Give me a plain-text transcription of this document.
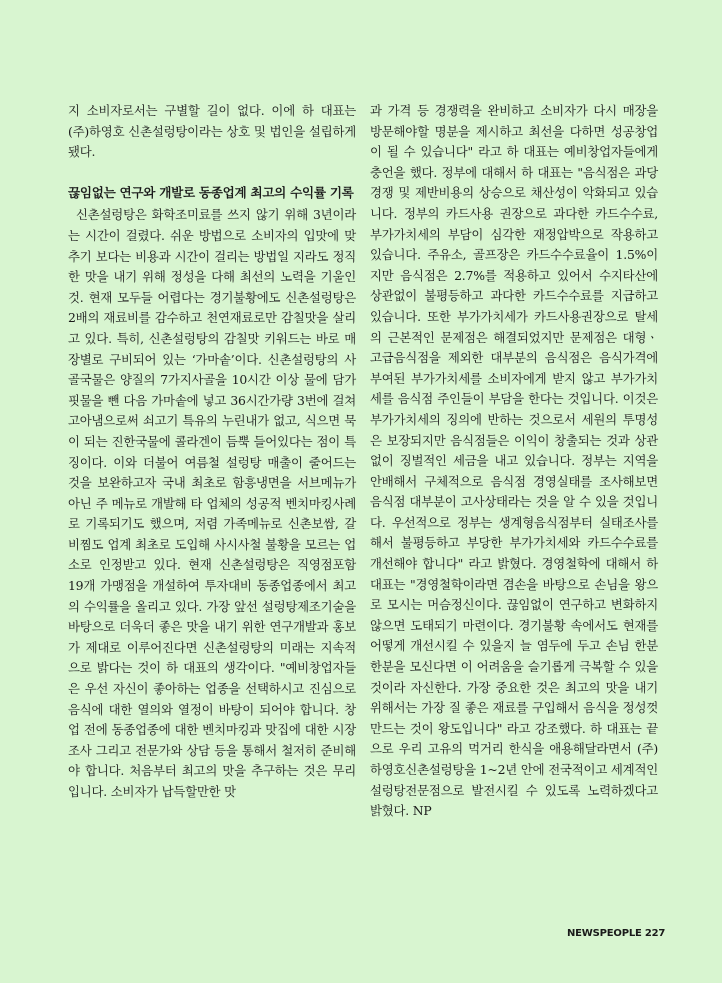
지 소비자로서는 구별할 길이 없다. 이에 하 대표는 (주)하영호 신촌설렁탕이라는 상호 및 법인을 설립하게 됐다.

끊임없는 연구와 개발로 동종업계 최고의 수익률 기록

신촌설렁탕은 화학조미료를 쓰지 않기 위해 3년이라는 시간이 걸렸다. 쉬운 방법으로 소비자의 입맛에 맞추기 보다는 비용과 시간이 걸리는 방법일 지라도 정직한 맛을 내기 위해 정성을 다해 최선의 노력을 기울인 것. 현재 모두들 어렵다는 경기불황에도 신촌설렁탕은 2배의 재료비를 감수하고 천연재료로만 감칠맛을 살리고 있다. 특히, 신촌설렁탕의 감칠맛 키워드는 바로 매장별로 구비되어 있는 ‘가마솥’이다. 신촌설렁탕의 사골국물은 양질의 7가지사골을 10시간 이상 물에 담가 핏물을 뺀 다음 가마솥에 넣고 36시간가량 3번에 걸쳐 고아냄으로써 쇠고기 특유의 누린내가 없고, 식으면 묵이 되는 진한국물에 콜라겐이 듬뿍 들어있다는 점이 특징이다. 이와 더불어 여름철 설렁탕 매출이 줄어드는 것을 보완하고자 국내 최초로 함흥냉면을 서브메뉴가 아닌 주 메뉴로 개발해 타 업체의 성공적 벤치마킹사례로 기록되기도 했으며, 저렴 가족메뉴로 신촌보쌈, 갈비찜도 업계 최초로 도입해 사시사철 불황을 모르는 업소로 인정받고 있다. 현재 신촌설렁탕은 직영점포함 19개 가맹점을 개설하여 투자대비 동종업종에서 최고의 수익률을 올리고 있다. 가장 앞선 설렁탕제조기술을 바탕으로 더욱더 좋은 맛을 내기 위한 연구개발과 홍보가 제대로 이루어진다면 신촌설렁탕의 미래는 지속적으로 밝다는 것이 하 대표의 생각이다. "예비창업자들은 우선 자신이 좋아하는 업종을 선택하시고 진심으로 음식에 대한 열의와 열정이 바탕이 되어야 합니다. 창업 전에 동종업종에 대한 벤치마킹과 맛집에 대한 시장조사 그리고 전문가와 상담 등을 통해서 철저히 준비해야 합니다. 처음부터 최고의 맛을 추구하는 것은 무리입니다. 소비자가 납득할만한 맛

과 가격 등 경쟁력을 완비하고 소비자가 다시 매장을 방문해야할 명분을 제시하고 최선을 다하면 성공창업이 될 수 있습니다" 라고 하 대표는 예비창업자들에게 충언을 했다. 정부에 대해서 하 대표는 "음식점은 과당경쟁 및 제반비용의 상승으로 채산성이 악화되고 있습니다. 정부의 카드사용 권장으로 과다한 카드수수료, 부가가치세의 부담이 심각한 재정압박으로 작용하고 있습니다. 주유소, 골프장은 카드수수료율이 1.5%이지만 음식점은 2.7%를 적용하고 있어서 수지타산에 상관없이 불평등하고 과다한 카드수수료를 지급하고 있습니다. 또한 부가가치세가 카드사용권장으로 탈세의 근본적인 문제점은 해결되었지만 문제점은 대형ㆍ고급음식점을 제외한 대부분의 음식점은 음식가격에 부여된 부가가치세를 소비자에게 받지 않고 부가가치세를 음식점 주인들이 부담을 한다는 것입니다. 이것은 부가가치세의 징의에 반하는 것으로서 세원의 투명성은 보장되지만 음식점들은 이익이 창출되는 것과 상관없이 징벌적인 세금을 내고 있습니다. 정부는 지역을 안배해서 구체적으로 음식점 경영실태를 조사해보면 음식점 대부분이 고사상태라는 것을 알 수 있을 것입니다. 우선적으로 정부는 생계형음식점부터 실태조사를 해서 불평등하고 부당한 부가가치세와 카드수수료를 개선해야 합니다" 라고 밝혔다. 경영철학에 대해서 하 대표는 "경영철학이라면 겸손을 바탕으로 손님을 왕으로 모시는 머슴정신이다. 끊임없이 연구하고 변화하지 않으면 도태되기 마련이다. 경기불황 속에서도 현재를 어떻게 개선시킬 수 있을지 늘 염두에 두고 손님 한분한분을 모신다면 이 어려움을 슬기롭게 극복할 수 있을 것이라 자신한다. 가장 중요한 것은 최고의 맛을 내기위해서는 가장 질 좋은 재료를 구입해서 음식을 정성껏 만드는 것이 왕도입니다" 라고 강조했다. 하 대표는 끝으로 우리 고유의 먹거리 한식을 애용해달라면서 (주)하영호신촌설렁탕을 1~2년 안에 전국적이고 세계적인 설렁탕전문점으로 발전시킬 수 있도록 노력하겠다고 밝혔다. NP

NEWSPEOPLE 227
